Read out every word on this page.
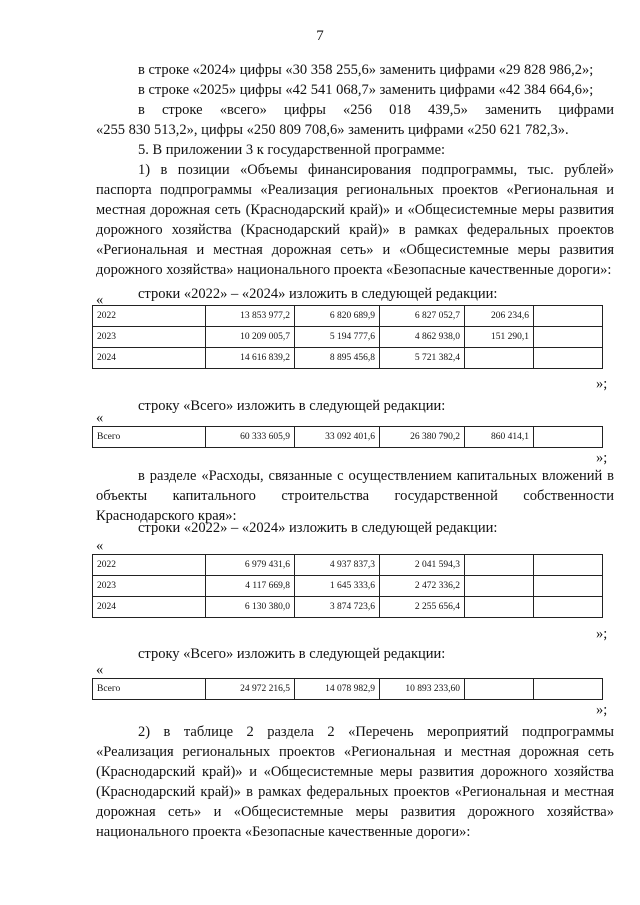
7
в строке «2024» цифры «30 358 255,6» заменить цифрами «29 828 986,2»;
в строке «2025» цифры «42 541 068,7» заменить цифрами «42 384 664,6»;
в строке «всего» цифры «256 018 439,5» заменить цифрами
«255 830 513,2», цифры «250 809 708,6» заменить цифрами «250 621 782,3».
5. В приложении 3 к государственной программе:
1) в позиции «Объемы финансирования подпрограммы, тыс. рублей» паспорта подпрограммы «Реализация региональных проектов «Региональная и местная дорожная сеть (Краснодарский край)» и «Общесистемные меры развития дорожного хозяйства (Краснодарский край)» в рамках федеральных проектов «Региональная и местная дорожная сеть» и «Общесистемные меры развития дорожного хозяйства» национального проекта «Безопасные качественные дороги»:
строки «2022» – «2024» изложить в следующей редакции:
«
2022	13 853 977,2	6 820 689,9	6 827 052,7	206 234,6	
2023	10 209 005,7	5 194 777,6	4 862 938,0	151 290,1	
2024	14 616 839,2	8 895 456,8	5 721 382,4		
»;
строку «Всего» изложить в следующей редакции:
«
Всего	60 333 605,9	33 092 401,6	26 380 790,2	860 414,1	
»;
в разделе «Расходы, связанные с осуществлением капитальных вложений в объекты капитального строительства государственной собственности Краснодарского края»:
строки «2022» – «2024» изложить в следующей редакции:
«
2022	6 979 431,6	4 937 837,3	2 041 594,3		
2023	4 117 669,8	1 645 333,6	2 472 336,2		
2024	6 130 380,0	3 874 723,6	2 255 656,4		
»;
строку «Всего» изложить в следующей редакции:
«
Всего	24 972 216,5	14 078 982,9	10 893 233,60		
»;
2) в таблице 2 раздела 2 «Перечень мероприятий подпрограммы «Реализация региональных проектов «Региональная и местная дорожная сеть (Краснодарский край)» и «Общесистемные меры развития дорожного хозяйства (Краснодарский край)» в рамках федеральных проектов «Региональная и местная дорожная сеть» и «Общесистемные меры развития дорожного хозяйства» национального проекта «Безопасные качественные дороги»:
